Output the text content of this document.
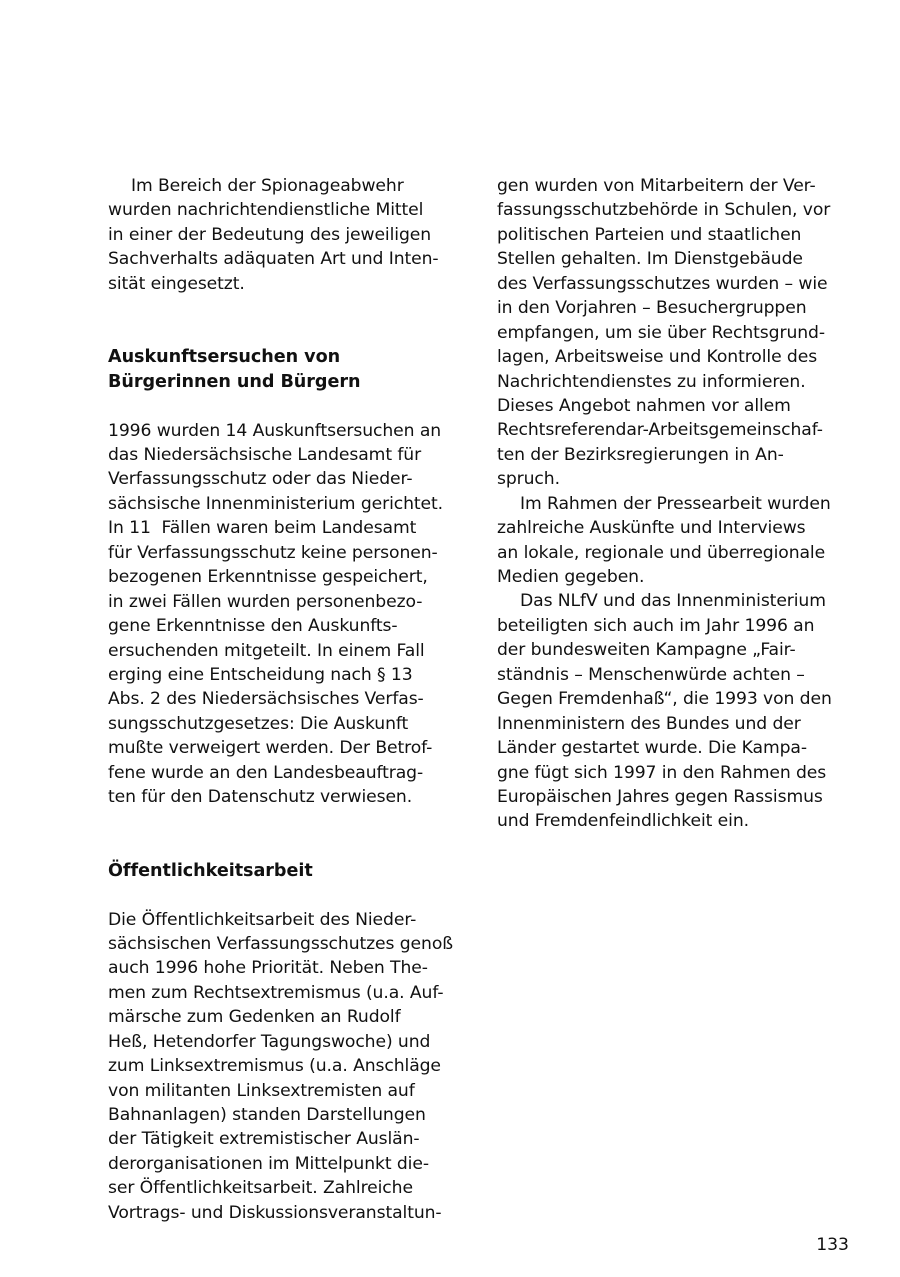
Im Bereich der Spionageabwehr
wurden nachrichtendienstliche Mittel
in einer der Bedeutung des jeweiligen
Sachverhalts adäquaten Art und Inten-
sität eingesetzt.
Auskunftsersuchen von
Bürgerinnen und Bürgern
1996 wurden 14 Auskunftsersuchen an
das Niedersächsische Landesamt für
Verfassungsschutz oder das Nieder-
sächsische Innenministerium gerichtet.
In 11  Fällen waren beim Landesamt
für Verfassungsschutz keine personen-
bezogenen Erkenntnisse gespeichert,
in zwei Fällen wurden personenbezo-
gene Erkenntnisse den Auskunfts-
ersuchenden mitgeteilt. In einem Fall
erging eine Entscheidung nach § 13
Abs. 2 des Niedersächsisches Verfas-
sungsschutzgesetzes: Die Auskunft
mußte verweigert werden. Der Betrof-
fene wurde an den Landesbeauftrag-
ten für den Datenschutz verwiesen.
Öffentlichkeitsarbeit
Die Öffentlichkeitsarbeit des Nieder-
sächsischen Verfassungsschutzes genoß
auch 1996 hohe Priorität. Neben The-
men zum Rechtsextremismus (u.a. Auf-
märsche zum Gedenken an Rudolf
Heß, Hetendorfer Tagungswoche) und
zum Linksextremismus (u.a. Anschläge
von militanten Linksextremisten auf
Bahnanlagen) standen Darstellungen
der Tätigkeit extremistischer Auslän-
derorganisationen im Mittelpunkt die-
ser Öffentlichkeitsarbeit. Zahlreiche
Vortrags- und Diskussionsveranstaltun-
gen wurden von Mitarbeitern der Ver-
fassungsschutzbehörde in Schulen, vor
politischen Parteien und staatlichen
Stellen gehalten. Im Dienstgebäude
des Verfassungsschutzes wurden – wie
in den Vorjahren – Besuchergruppen
empfangen, um sie über Rechtsgrund-
lagen, Arbeitsweise und Kontrolle des
Nachrichtendienstes zu informieren.
Dieses Angebot nahmen vor allem
Rechtsreferendar-Arbeitsgemeinschaf-
ten der Bezirksregierungen in An-
spruch.
Im Rahmen der Pressearbeit wurden
zahlreiche Auskünfte und Interviews
an lokale, regionale und überregionale
Medien gegeben.
Das NLfV und das Innenministerium
beteiligten sich auch im Jahr 1996 an
der bundesweiten Kampagne „Fair-
ständnis – Menschenwürde achten –
Gegen Fremdenhaß“, die 1993 von den
Innenministern des Bundes und der
Länder gestartet wurde. Die Kampa-
gne fügt sich 1997 in den Rahmen des
Europäischen Jahres gegen Rassismus
und Fremdenfeindlichkeit ein.
133
